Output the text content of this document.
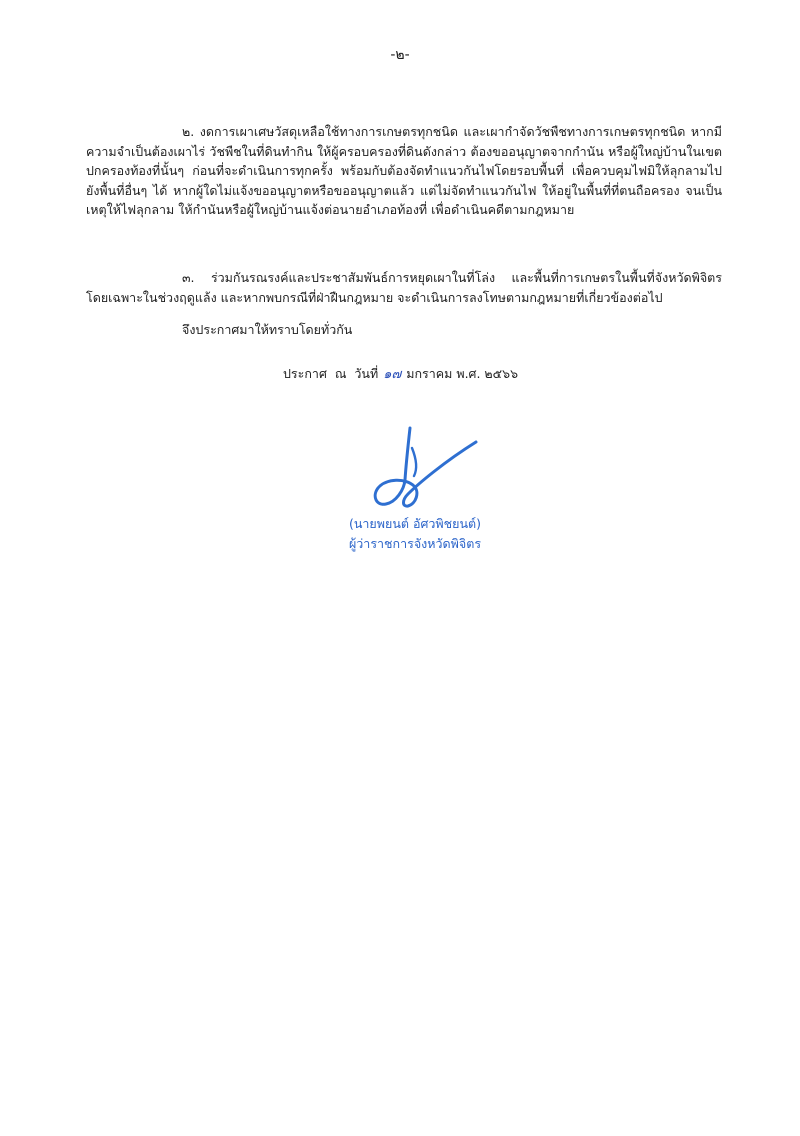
-๒-

๒. งดการเผาเศษวัสดุเหลือใช้ทางการเกษตรทุกชนิด และเผากำจัดวัชพืชทางการเกษตรทุกชนิด หากมีความจำเป็นต้องเผาไร่ วัชพืชในที่ดินทำกิน ให้ผู้ครอบครองที่ดินดังกล่าว ต้องขออนุญาตจากกำนัน หรือผู้ใหญ่บ้านในเขตปกครองท้องที่นั้นๆ ก่อนที่จะดำเนินการทุกครั้ง พร้อมกับต้องจัดทำแนวกันไฟโดยรอบพื้นที่ เพื่อควบคุมไฟมิให้ลุกลามไปยังพื้นที่อื่นๆ ได้ หากผู้ใดไม่แจ้งขออนุญาตหรือขออนุญาตแล้ว แต่ไม่จัดทำแนวกันไฟ ให้อยู่ในพื้นที่ที่ตนถือครอง จนเป็นเหตุให้ไฟลุกลาม ให้กำนันหรือผู้ใหญ่บ้านแจ้งต่อนายอำเภอท้องที่ เพื่อดำเนินคดีตามกฎหมาย

๓. ร่วมกันรณรงค์และประชาสัมพันธ์การหยุดเผาในที่โล่ง และพื้นที่การเกษตรในพื้นที่จังหวัดพิจิตร โดยเฉพาะในช่วงฤดูแล้ง และหากพบกรณีที่ฝ่าฝืนกฎหมาย จะดำเนินการลงโทษตามกฎหมายที่เกี่ยวข้องต่อไป

จึงประกาศมาให้ทราบโดยทั่วกัน

ประกาศ ณ วันที่ ๑๗ มกราคม พ.ศ. ๒๕๖๖
(นายพยนต์ อัศวพิชยนต์)
ผู้ว่าราชการจังหวัดพิจิตร
